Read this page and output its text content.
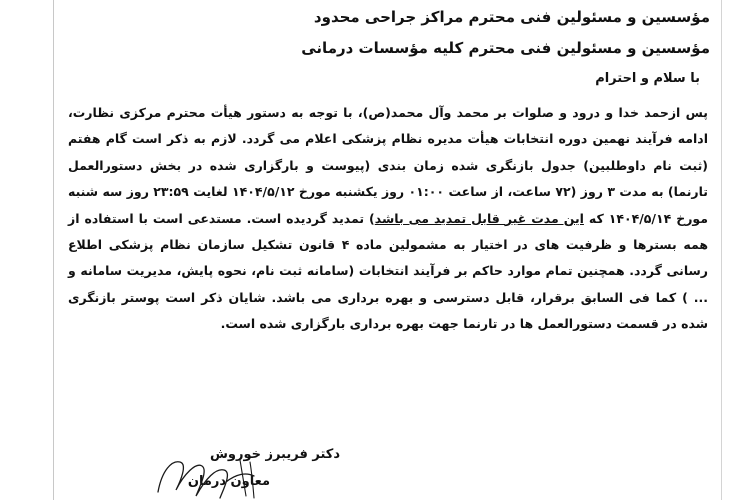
مؤسسین و مسئولین فنی محترم مراکز جراحی محدود
مؤسسین و مسئولین فنی محترم کلیه مؤسسات درمانی
با سلام و احترام
پس ازحمد خدا و درود و صلوات بر محمد وآل محمد(ص)، با توجه به دستور هیأت محترم مرکزی نظارت، ادامه فرآیند نهمین دوره انتخابات هیأت مدیره نظام پزشکی اعلام می گردد. لازم به ذکر است گام هفتم (ثبت نام داوطلبین) جدول بازنگری شده زمان بندی (پیوست و بارگزاری شده در بخش دستورالعمل تارنما) به مدت ۳ روز (۷۲ ساعت، از ساعت ۰۱:۰۰ روز یکشنبه مورخ ۱۴۰۴/۵/۱۲ لغایت ۲۳:۵۹ روز سه شنبه مورخ ۱۴۰۴/۵/۱۴ که این مدت غیر قابل تمدید می باشد) تمدید گردیده است. مستدعی است با استفاده از همه بسترها و ظرفیت های در اختیار به مشمولین ماده ۴ قانون تشکیل سازمان نظام پزشکی اطلاع رسانی گردد. همچنین تمام موارد حاکم بر فرآیند انتخابات (سامانه ثبت نام، نحوه پایش، مدیریت سامانه و ... ) کما فی السابق برقرار، قابل دسترسی و بهره برداری می باشد. شایان ذکر است پوستر بازنگری شده در قسمت دستورالعمل ها در تارنما جهت بهره برداری بارگزاری شده است.
دکتر فریبرز خوروش
معاون درمان
